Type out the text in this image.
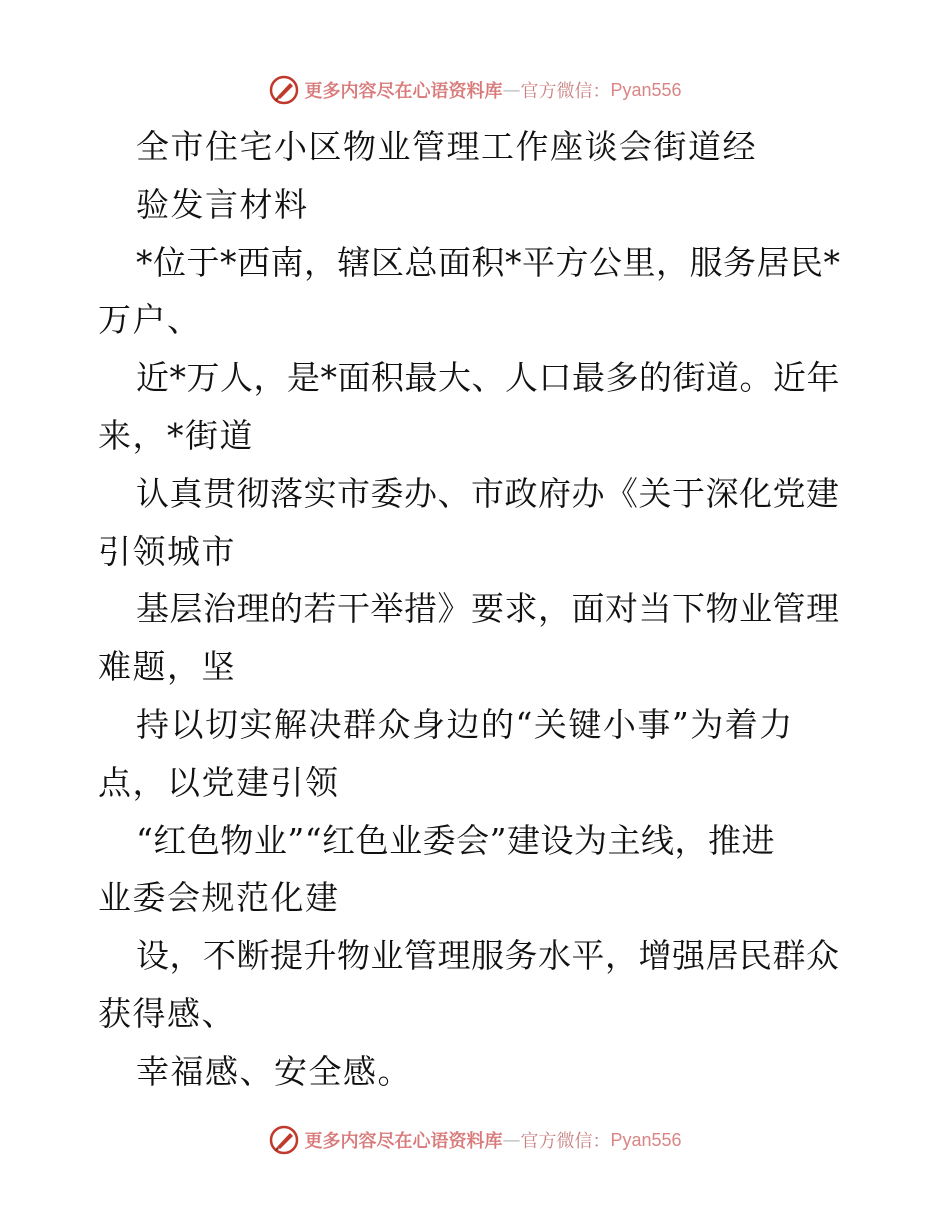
更多内容尽在心语资料库 — 官方微信： Pyan556
全市住宅小区物业管理工作座谈会街道经
验发言材料
*位于*西南，辖区总面积*平方公里，服务居民*
万户、
近*万人，是*面积最大、人口最多的街道。近年
来，*街道
认真贯彻落实市委办、市政府办《关于深化党建
引领城市
基层治理的若干举措》要求，面对当下物业管理
难题，坚
持以切实解决群众身边的“关键小事”为着力
点，以党建引领
“红色物业”“红色业委会”建设为主线，推进
业委会规范化建
设，不断提升物业管理服务水平，增强居民群众
获得感、
幸福感、安全感。
更多内容尽在心语资料库 — 官方微信： Pyan556
